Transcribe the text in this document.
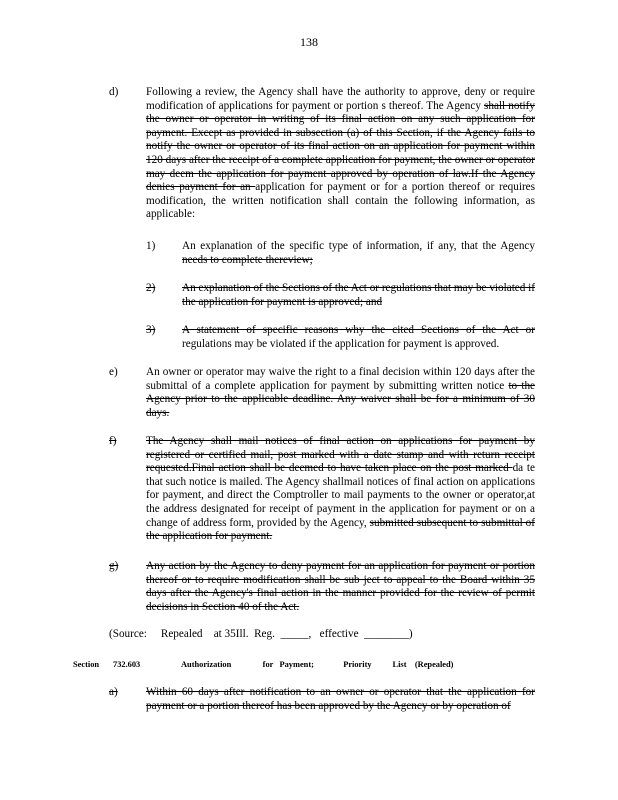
138
d) Following a review, the Agency shall have the authority to approve, deny or require modification of applications for payment or portion s thereof. The Agency shall notify the owner or operator in writing of its final action on any such application for payment. Except as provided in subsection (a) of this Section, if the Agency fails to notify the owner or operator of its final action on an application for payment within 120 days after the receipt of a complete application for payment, the owner or operator may deem the application for payment approved by operation of law.If the Agency denies payment for an application for payment or for a portion thereof or requires modification, the written notification shall contain the following information, as applicable:
1) An explanation of the specific type of information, if any, that the Agency needs to complete thereview;
2) An explanation of the Sections of the Act or regulations that may be violated if the application for payment is approved; and
3) A statement of specific reasons why the cited Sections of the Act or regulations may be violated if the application for payment is approved.
e)	An owner or operator may waive the right to a final decision within 120 days after the submittal of a complete application for payment by submitting written notice to the Agency prior to the applicable deadline. Any waiver shall be for a minimum of 30 days.
f)	The Agency shall mail notices of final action on applications for payment by registered or certified mail, post marked with a date stamp and with return receipt requested.Final action shall be deemed to have taken place on the post marked da te that such notice is mailed. The Agency shallmail notices of final action on applications for payment, and direct the Comptroller to mail payments to the owner or operator,at the address designated for receipt of payment in the application for payment or on a change of address form, provided by the Agency, submitted subsequent to submittal of the application for payment.
g) Any action by the Agency to deny payment for an application for payment or portion thereof or to require modification shall be sub ject to appeal to the Board within 35 days after the Agency's final action in the manner provided for the review of permit decisions in Section 40 of the Act.
(Source:     Repealed    at 35Ill.  Reg.  _____,   effective  ________)
Section 732.603	Authorization               for   Payment;              Priority          List    (Repealed)
a)	Within 60 days after notification to an owner or operator that the application for payment or a portion thereof has been approved by the Agency or by operation of
